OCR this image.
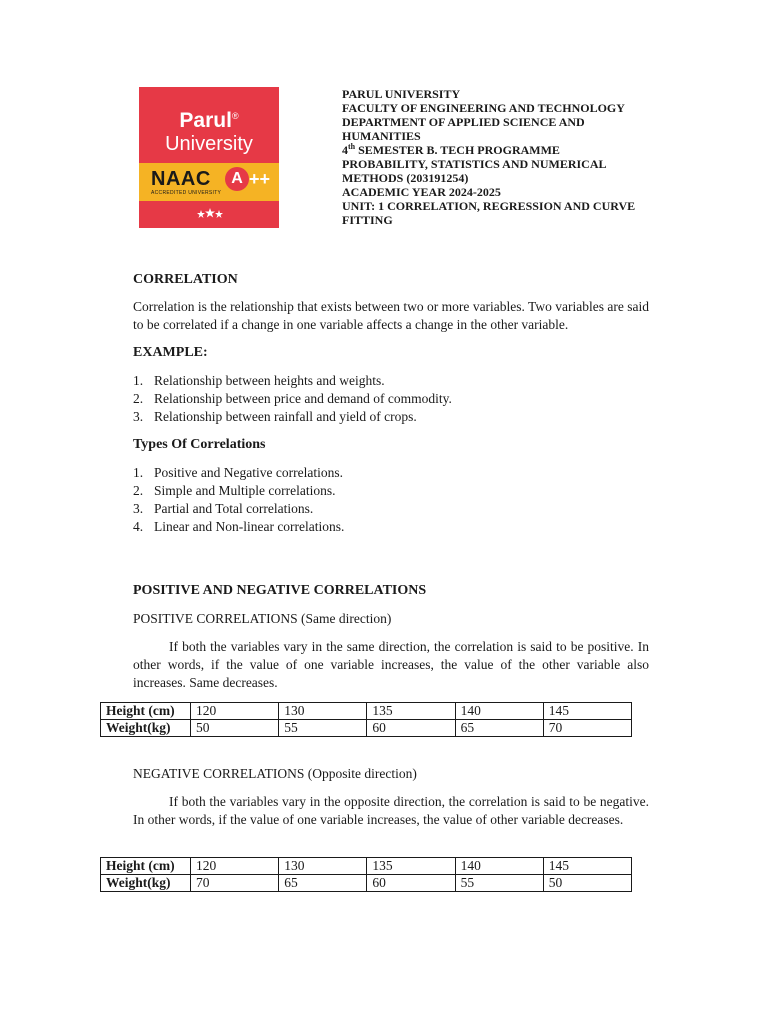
Parul®
University
NAAC	A ++
ACCREDITED UNIVERSITY
PARUL UNIVERSITY
FACULTY OF ENGINEERING AND TECHNOLOGY
DEPARTMENT OF APPLIED SCIENCE AND
HUMANITIES
4th SEMESTER B. TECH PROGRAMME
PROBABILITY, STATISTICS AND NUMERICAL
METHODS (203191254)
ACADEMIC YEAR 2024-2025
UNIT: 1 CORRELATION, REGRESSION AND CURVE
FITTING
CORRELATION
Correlation is the relationship that exists between two or more variables. Two variables are said to be correlated if a change in one variable affects a change in the other variable.
EXAMPLE:
1. Relationship between heights and weights.
2. Relationship between price and demand of commodity.
3. Relationship between rainfall and yield of crops.
Types Of Correlations
1. Positive and Negative correlations.
2. Simple and Multiple correlations.
3. Partial and Total correlations.
4. Linear and Non-linear correlations.
POSITIVE AND NEGATIVE CORRELATIONS
POSITIVE CORRELATIONS (Same direction)
If both the variables vary in the same direction, the correlation is said to be positive. In other words, if the value of one variable increases, the value of the other variable also increases. Same decreases.
Height (cm)	120	130	135	140	145
Weight(kg)	50	55	60	65	70
NEGATIVE CORRELATIONS (Opposite direction)
If both the variables vary in the opposite direction, the correlation is said to be negative. In other words, if the value of one variable increases, the value of other variable decreases.
Height (cm)	120	130	135	140	145
Weight(kg)	70	65	60	55	50
